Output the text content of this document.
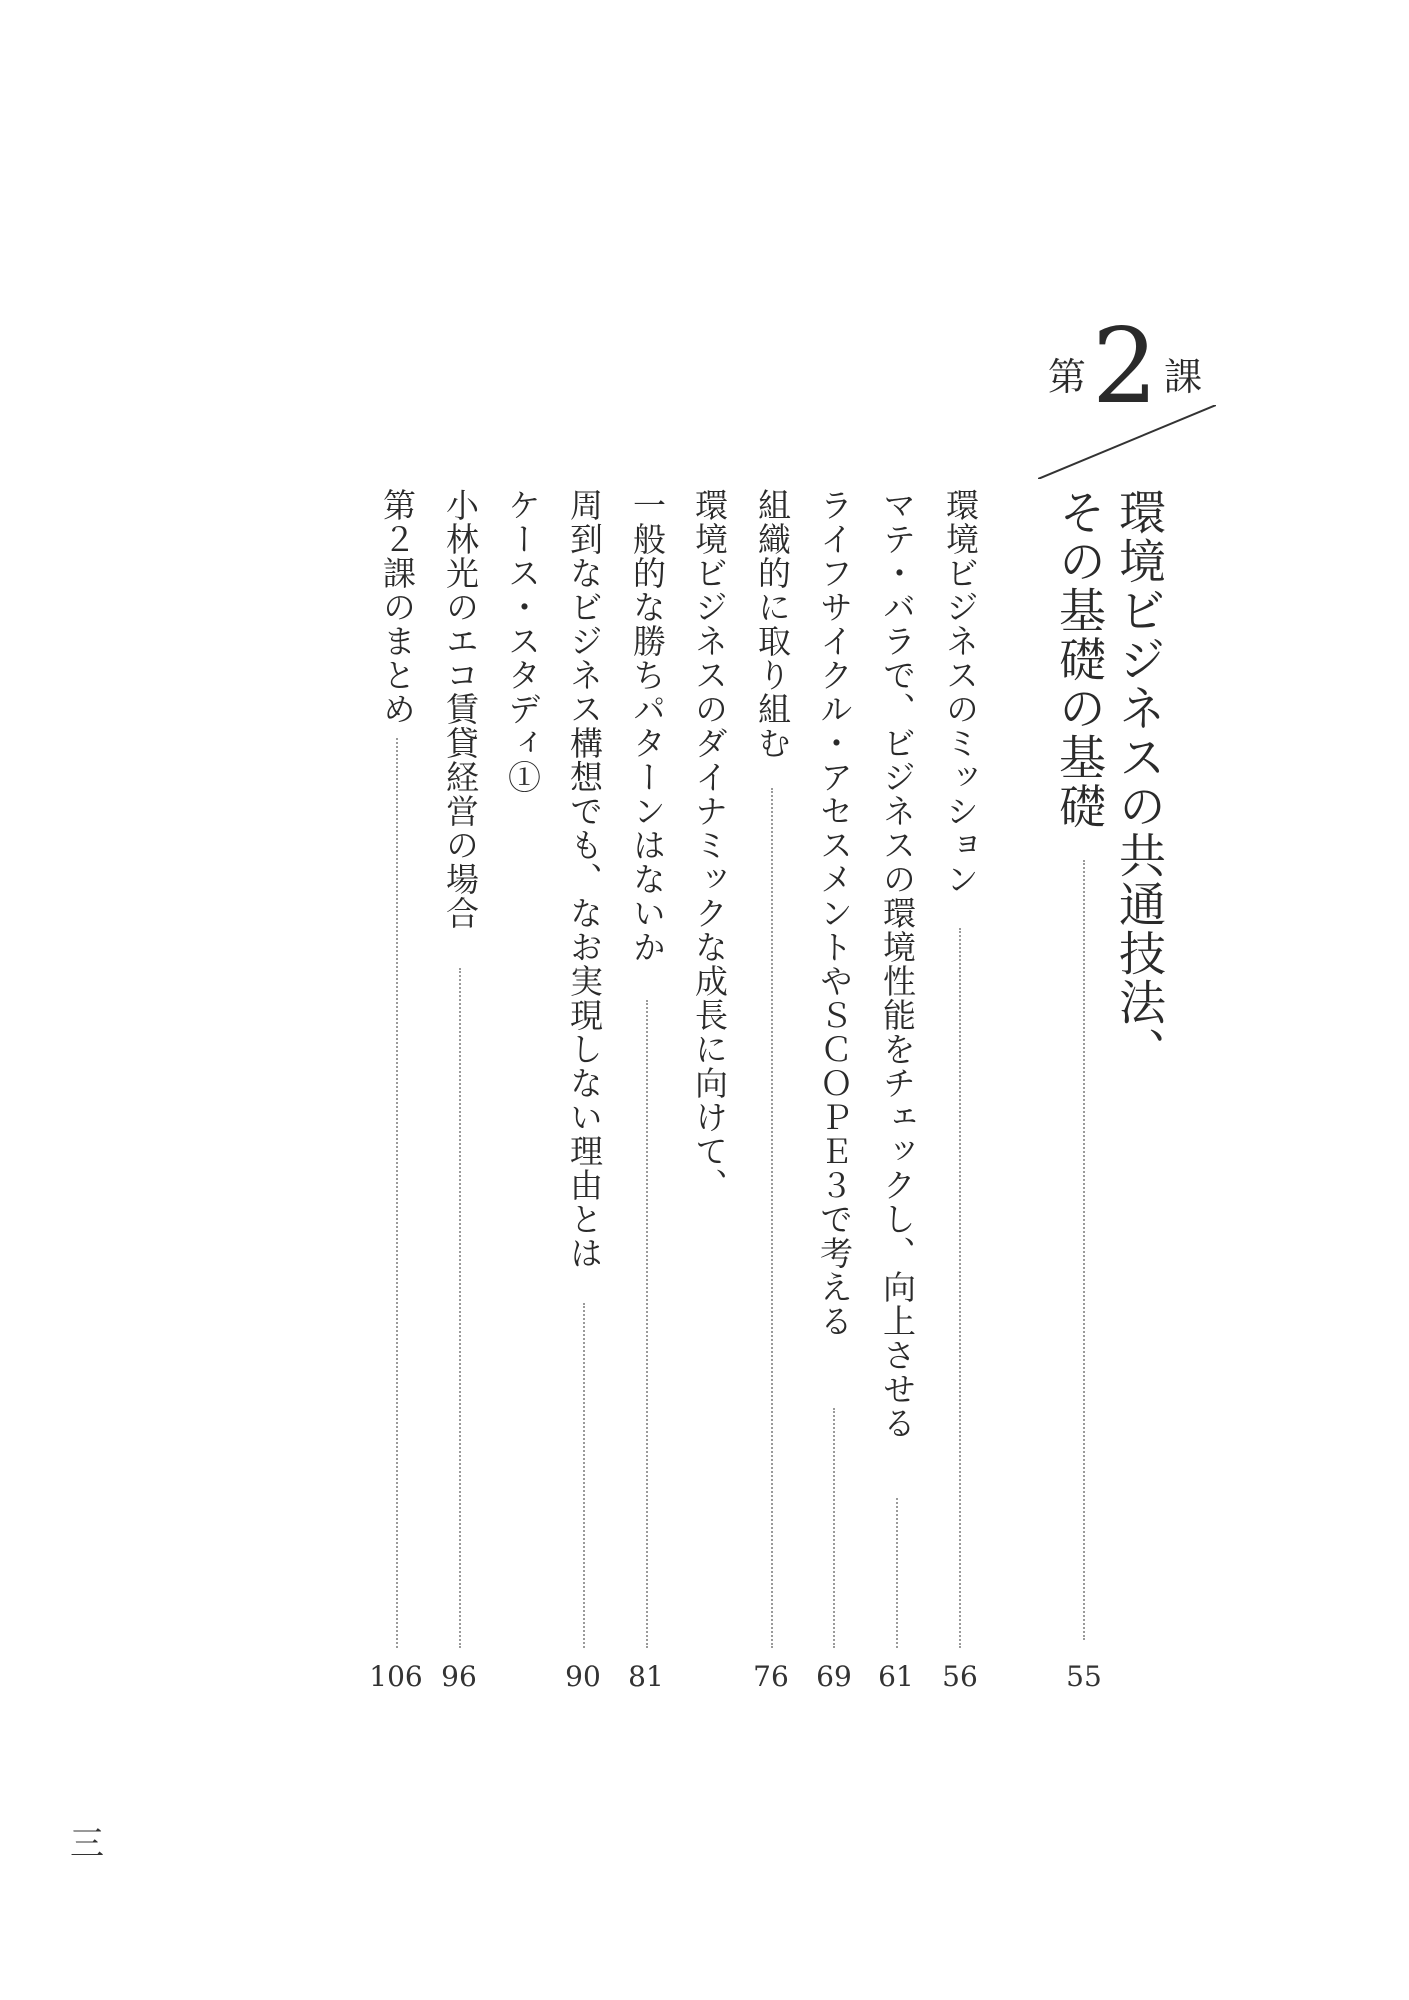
第 2 課
環境ビジネスの共通技法、
その基礎の基礎
55
環境ビジネスのミッション
56
マテ・バラで、ビジネスの環境性能をチェックし、向上させる
61
ライフサイクル・アセスメントやＳＣＯＰＥ３で考える
69
組織的に取り組む
76
環境ビジネスのダイナミックな成長に向けて、
一般的な勝ちパターンはないか
81
周到なビジネス構想でも、なお実現しない理由とは
90
ケース・スタディ①
小林光のエコ賃貸経営の場合
96
第２課のまとめ
106
三
